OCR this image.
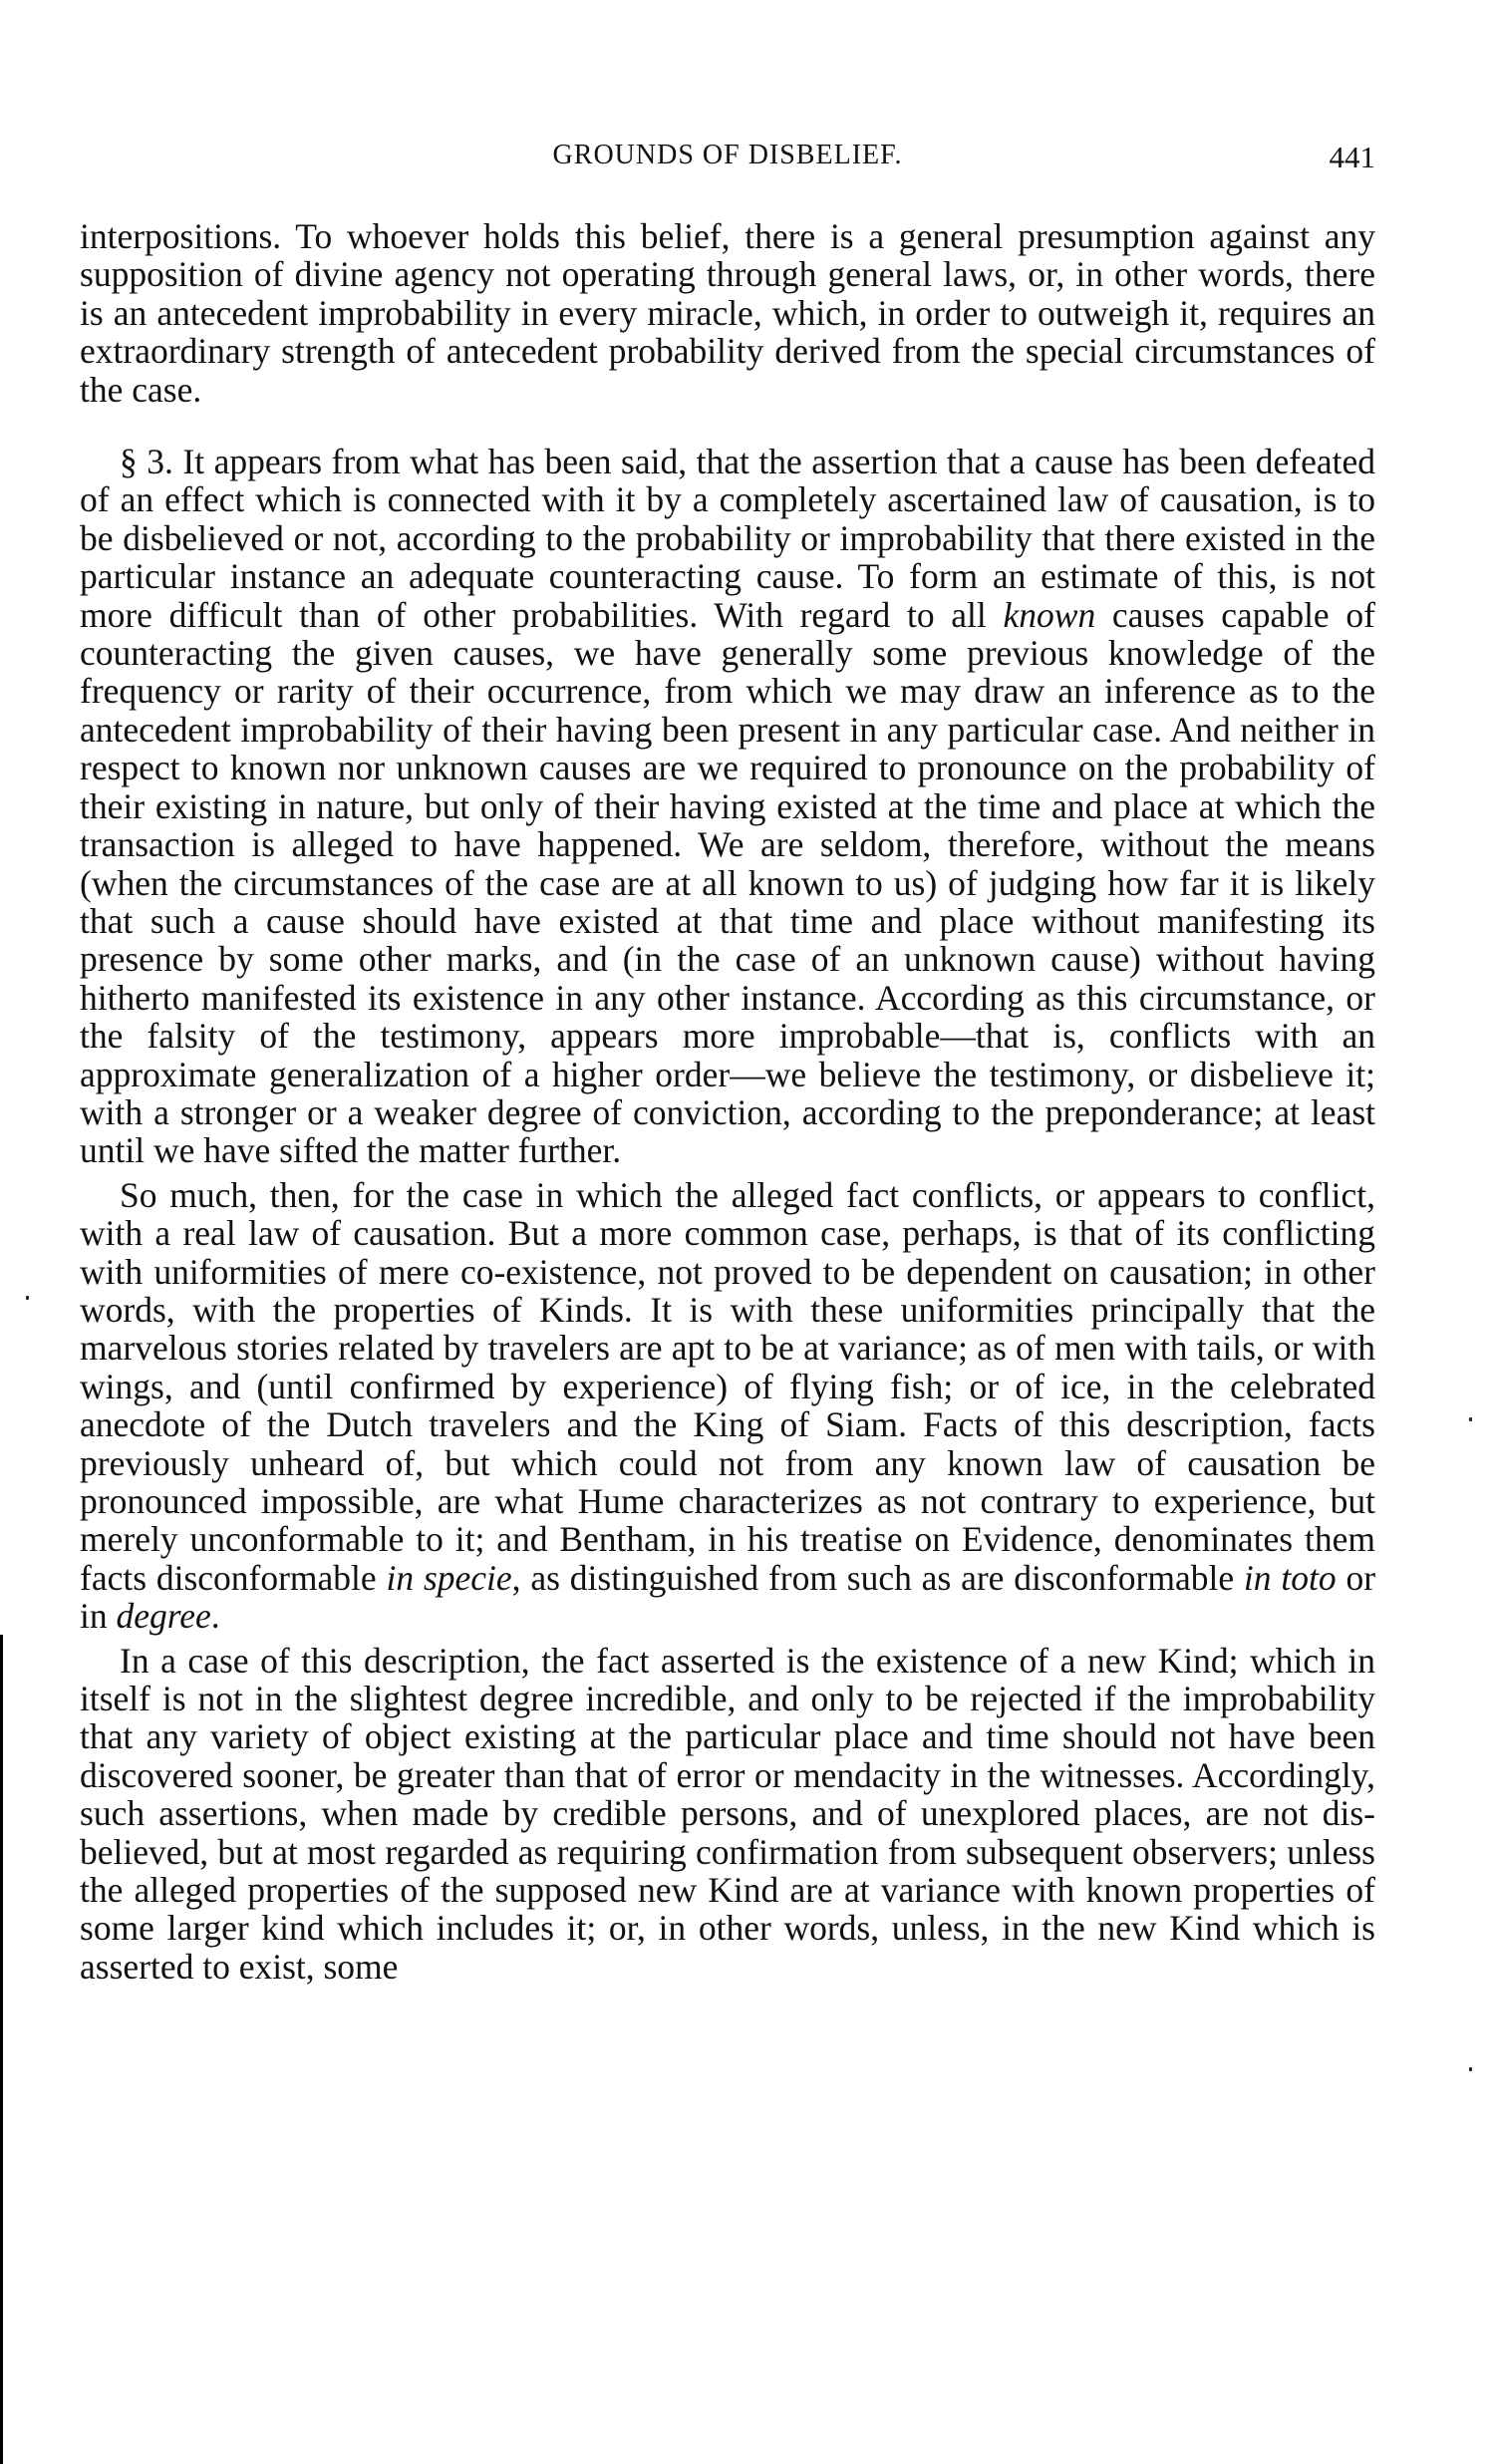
GROUNDS OF DISBELIEF.	441

interpositions. To whoever holds this belief, there is a general presumption against any supposition of divine agency not operating through general laws, or, in other words, there is an antecedent improbability in every miracle, which, in order to outweigh it, requires an extraordinary strength of antecedent probability derived from the special circumstances of the case.

§ 3. It appears from what has been said, that the assertion that a cause has been defeated of an effect which is connected with it by a completely ascertained law of causation, is to be disbelieved or not, according to the probability or improbability that there existed in the particular instance an adequate counteracting cause. To form an estimate of this, is not more difficult than of other probabilities. With regard to all known causes capable of counteracting the given causes, we have generally some previous knowledge of the frequency or rarity of their occurrence, from which we may draw an inference as to the antecedent improbability of their having been present in any particular case. And neither in respect to known nor unknown causes are we required to pronounce on the probability of their existing in nature, but only of their having existed at the time and place at which the transaction is alleged to have happened. We are seldom, therefore, without the means (when the circumstances of the case are at all known to us) of judging how far it is likely that such a cause should have existed at that time and place without manifesting its presence by some other marks, and (in the case of an unknown cause) without having hitherto manifested its existence in any other instance. According as this circumstance, or the falsity of the testimony, appears more improbable—that is, conflicts with an approximate generalization of a higher order—we believe the testimony, or disbelieve it; with a stronger or a weaker degree of conviction, according to the preponderance; at least until we have sifted the matter further.

So much, then, for the case in which the alleged fact conflicts, or appears to conflict, with a real law of causation. But a more common case, perhaps, is that of its conflicting with uniformities of mere co-existence, not proved to be dependent on causation; in other words, with the properties of Kinds. It is with these uniformities principally that the marvelous stories related by travelers are apt to be at variance; as of men with tails, or with wings, and (until confirmed by experience) of flying fish; or of ice, in the celebrated anecdote of the Dutch travelers and the King of Siam. Facts of this description, facts previously unheard of, but which could not from any known law of causation be pronounced impossible, are what Hume characterizes as not contrary to experience, but merely unconformable to it; and Bentham, in his treatise on Evidence, denominates them facts disconformable in specie, as distinguished from such as are disconformable in toto or in degree.

In a case of this description, the fact asserted is the existence of a new Kind; which in itself is not in the slightest degree incredible, and only to be rejected if the improbability that any variety of object existing at the particular place and time should not have been discovered sooner, be greater than that of error or mendacity in the witnesses. Accordingly, such assertions, when made by credible persons, and of unexplored places, are not disbelieved, but at most regarded as requiring confirmation from subsequent observers; unless the alleged properties of the supposed new Kind are at variance with known properties of some larger kind which includes it; or, in other words, unless, in the new Kind which is asserted to exist, some
